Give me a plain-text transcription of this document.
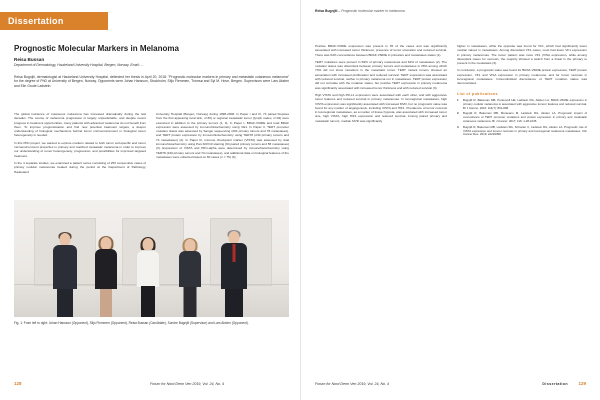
Dissertation
Prognostic Molecular Markers in Melanoma
Reisa Bussan
Department of Dermatology, Haukeland University Hospital, Bergen, Norway. Email: ...
Reisa Bugnjili, dermatologist at Haukeland University Hospital, defended her thesis in April 20, 2018: "Prognostic molecular markers in primary and metastatic cutaneous melanoma" for the degree of PhD at University of Bergen, Norway. Opponents were Johan Hansson, Stockholm, Siljo Flemmen, Tromsø and Syl M. Hove, Bergen. Supervisors were Lars Akslen and Elin Grude Ladstein.

The global incidence of cutaneous melanoma has increased dramatically during the last decades. The course of melanoma progression is largely unpredictable, and despite recent progress in treatment opportunities, many patients with advanced melanoma do not benefit from them. To improve prognostication and find new potential treatment targets, a deeper understanding of biological mechanisms behind tumor microenvironment in biological tumor heterogeneity is needed.

In this PhD project, we wanted to explore markers related to both tumor cell-specific and tumor microenvironment properties in primary and matched metastatic melanoma in order to improve our understanding of tumor heterogeneity, progression, and possibilities for improved targeted treatment.

In the 4 separate studies, we examined a patient series consisting of 253 consecutive cases of primary nodular melanomas treated during the period at the Department of Pathology, Haukeland

University Hospital (Bergen, Norway) during 1998-2008. In Paper I and III, 74 paired biopsies from the first appearing local skin, n=30) or regional metastatic tumor (lymph nodes, n=44) were examined in addition to the primary tumors (1, 3). In Paper I, BRAF-V600E and total BRAF expression were assessed by immunohistochemistry using VE1. In Paper II, TERT promoter mutation status was assessed by Sanger sequencing (264 primary tumors and 78 metastases), and TERT protein expression by immunohistochemistry using TERT8 (240 primary tumors and 74 metastases) (2). In Paper III, immune checkpoint marker (VISTA) was assessed by dual immunohistochemistry using Pan-SOX10 staining (64 paired primary tumors and 58 metastases) (3). Expression of VISTA and HIF1-alpha were determined by immunohistochemistry using TERT8 (240 primary tumors and 74 metastases), and additional data on biological features of the metastases were collected based on 60 cases (n = 75) (3).

Fig. 1: From left to right: Johan Hansson (Opponent), Siljo Flemmen (Opponent), Reisa Bussan (Candidate), Sondre Bugnjili (Supervisor) and Lars Akslen (Opponent).
128	Forum for Nord Derm Ven 2019, Vol. 24, No. 4
Reisa Bugnjili – Prognostic molecular marker in melanoma

Positive BRAF-V600E expression was present in 35 of the cases and was significantly associated with increased tumor thickness, presence of tumor ulceration and reduced survival. There was 94% concordance between BRAF-V600E in primaries and metastases status (1).

TERT mutations were present in 69% of primary melanomas and 64% of metastases (2). The mutation status was discordant between primary tumors and metastases in 26% among which 73% did not show mutations in the metastatic tumor. TERT mutant tumors showed an association with increased proliferation and reduced survival. TERT expression was associated with reduced survival, neither in primary melanoma nor in metastases. TERT protein expression did not correlate with the mutation status, but positive TERT expression in primary melanoma was significantly associated with increased tumor thickness and with reduced survival (3).

High VISTA and high PD-L1 expression were associated with each other, and with aggressive tumor features and reduced survival in primary melanomas. In locoregional metastases, high VISTA expression was significantly associated with increased MVD, but no prognostic value was found for any marker of angiogenesis, including VISTA and HIF1. Prevalence of tumor necrosis in locoregional metastases, as a marker of tissue hypoxia, was associated with increased tumor size, high VISTA, high HIF1 expression and reduced survival. Among paired primary and metastatic tumors, median MVD was significantly

higher in metastases, while the opposite was found for VF1, which had significantly lower median values in metastases. Among discordant VF1 cases, most had lower VF1 expression in primary melanomas. The tumor pattern was more VF1 (VISA expression, while among discordant cases for necrosis, the majority showed a switch from a lineal in the primary to present in the metastasis (3).

In conclusion, a prognostic value was found for BRAF-V600E protein expression, TERT protein expression, VF1 and VISA expression in primary melanoma, and for tumor necrosis in locoregional metastases. Intra-individual discordance of TERT mutation status was demonstrated.

List of publications
1	Bugnjili R, Bakeman MB, Puntervoll HE, Ladstein RG, Akslen LA. BRAF-V600E expression in primary nodular melanoma is associated with aggressive tumour features and reduced survival. Br J Cancer. 2016; 114(7): 801-808.
2	Bugnjili R, Bakeman MB, Munteanu M, Ladstein RG, Akslen LA. Prognostic impact of concordance of TERT promoter mutations and protein expression in primary and metastatic cutaneous melanoma. Br J Cancer. 2017; 116: 1-28-1035.
3	Bugnjili R, Bakeman MB, Ladstein RG, Schuster C, Ladstein RG, Akslen LA. Prognostic role of VISTA expression and tumour necrosis in primary and locoregional melanoma metastases. Clin Cancer Res. 2019; e0229398.
Forum for Nord Derm Ven 2019, Vol. 24, No. 4	Dissertation 129
